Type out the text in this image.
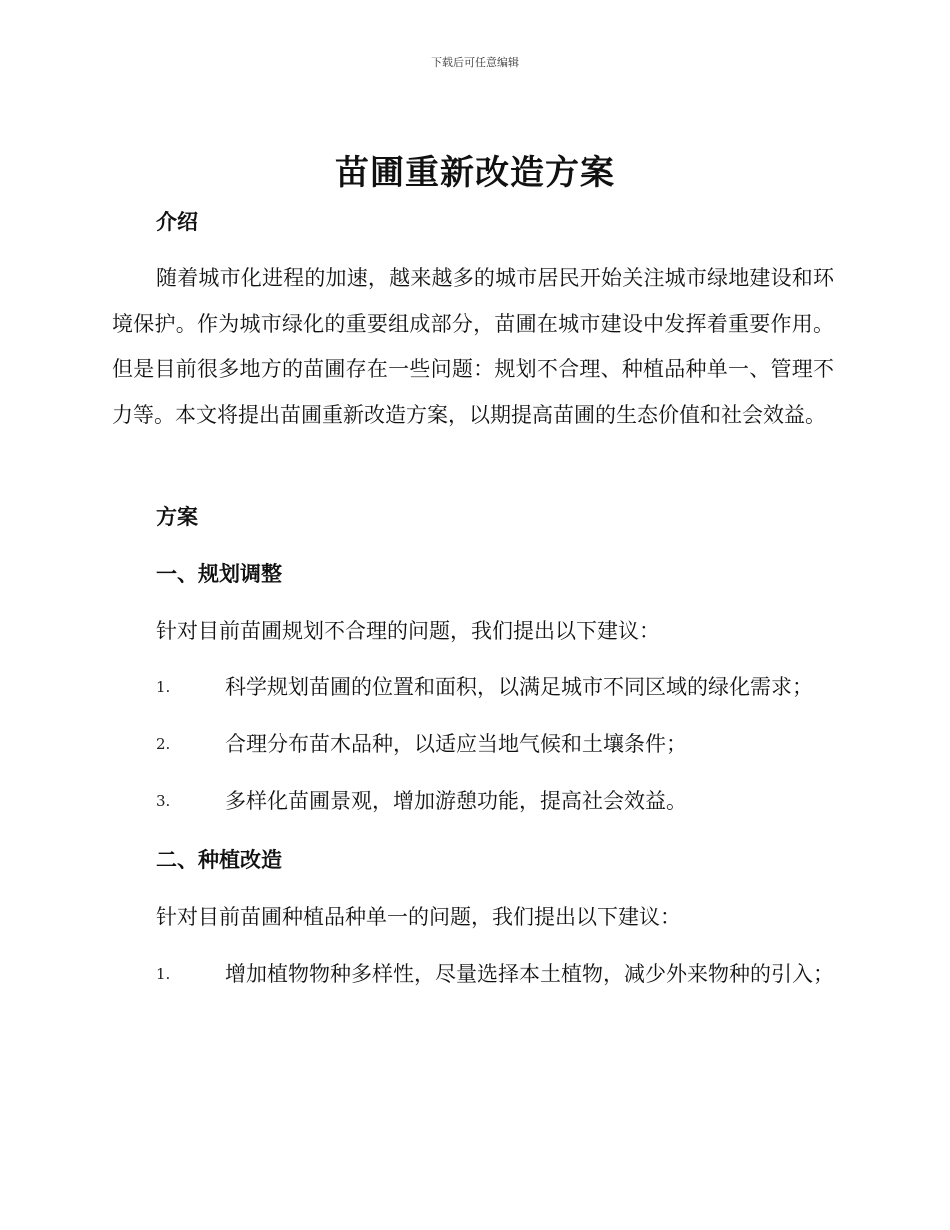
下载后可任意编辑
苗圃重新改造方案
介绍

随着城市化进程的加速，越来越多的城市居民开始关注城市绿地建设和环境保护。作为城市绿化的重要组成部分，苗圃在城市建设中发挥着重要作用。但是目前很多地方的苗圃存在一些问题：规划不合理、种植品种单一、管理不力等。本文将提出苗圃重新改造方案，以期提高苗圃的生态价值和社会效益。

方案
一、规划调整

针对目前苗圃规划不合理的问题，我们提出以下建议：

1.	科学规划苗圃的位置和面积，以满足城市不同区域的绿化需求；
2.	合理分布苗木品种，以适应当地气候和土壤条件；
3.	多样化苗圃景观，增加游憩功能，提高社会效益。
二、种植改造

针对目前苗圃种植品种单一的问题，我们提出以下建议：

1.	增加植物物种多样性，尽量选择本土植物，减少外来物种的引入；
